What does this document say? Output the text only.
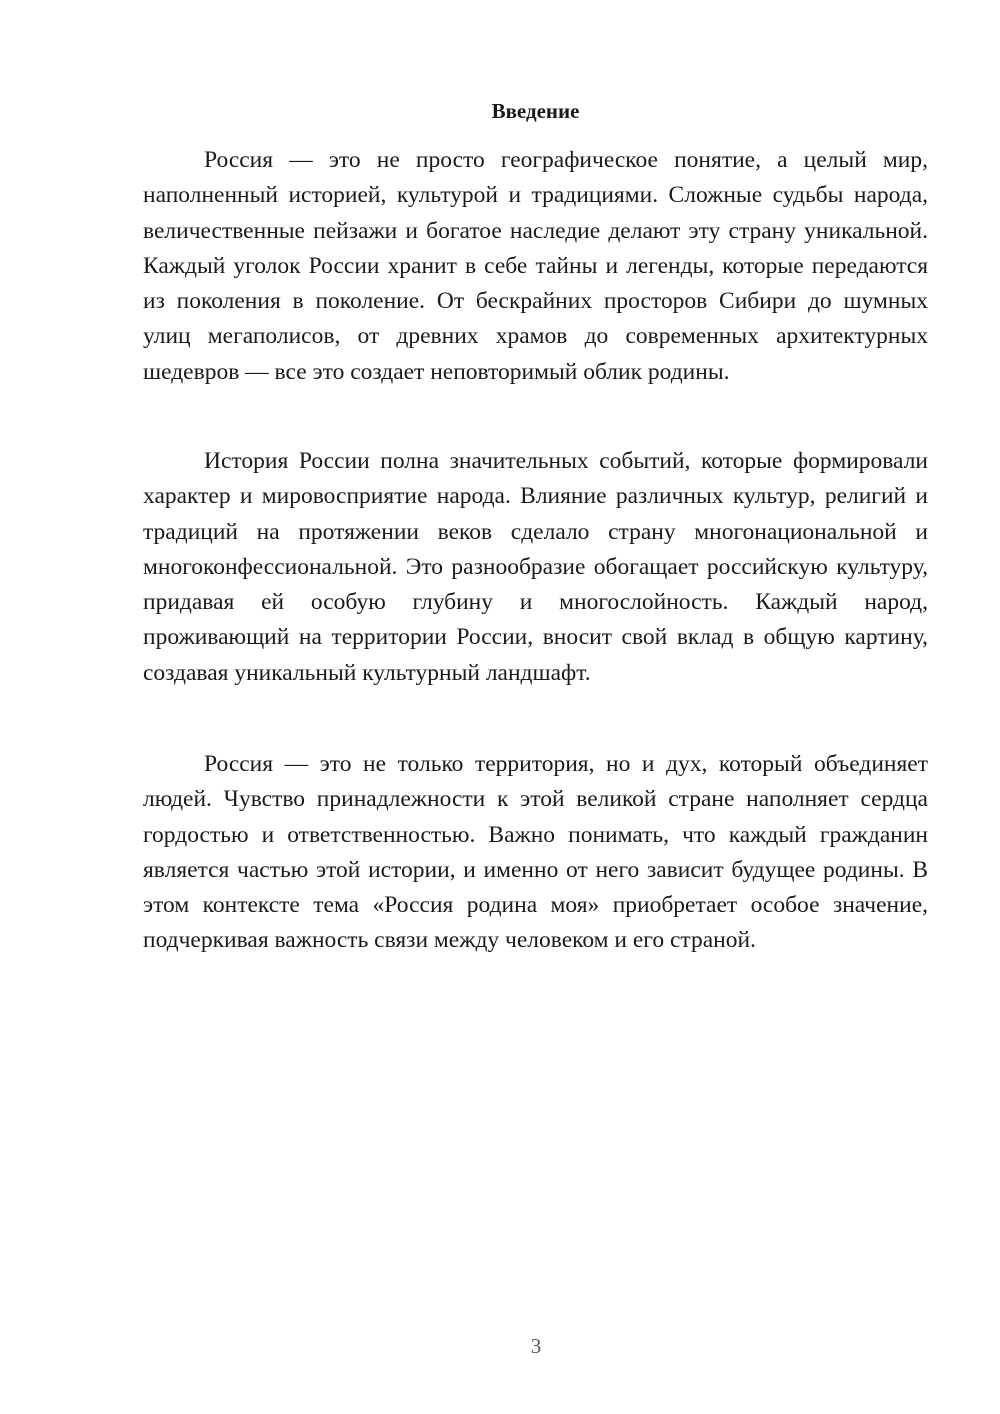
Введение

Россия — это не просто географическое понятие, а целый мир, наполненный историей, культурой и традициями. Сложные судьбы народа, величественные пейзажи и богатое наследие делают эту страну уникальной. Каждый уголок России хранит в себе тайны и легенды, которые передаются из поколения в поколение. От бескрайних просторов Сибири до шумных улиц мегаполисов, от древних храмов до современных архитектурных шедевров — все это создает неповторимый облик родины.

История России полна значительных событий, которые формировали характер и мировосприятие народа. Влияние различных культур, религий и традиций на протяжении веков сделало страну многонациональной и многоконфессиональной. Это разнообразие обогащает российскую культуру, придавая ей особую глубину и многослойность. Каждый народ, проживающий на территории России, вносит свой вклад в общую картину, создавая уникальный культурный ландшафт.

Россия — это не только территория, но и дух, который объединяет людей. Чувство принадлежности к этой великой стране наполняет сердца гордостью и ответственностью. Важно понимать, что каждый гражданин является частью этой истории, и именно от него зависит будущее родины. В этом контексте тема «Россия родина моя» приобретает особое значение, подчеркивая важность связи между человеком и его страной.

3
